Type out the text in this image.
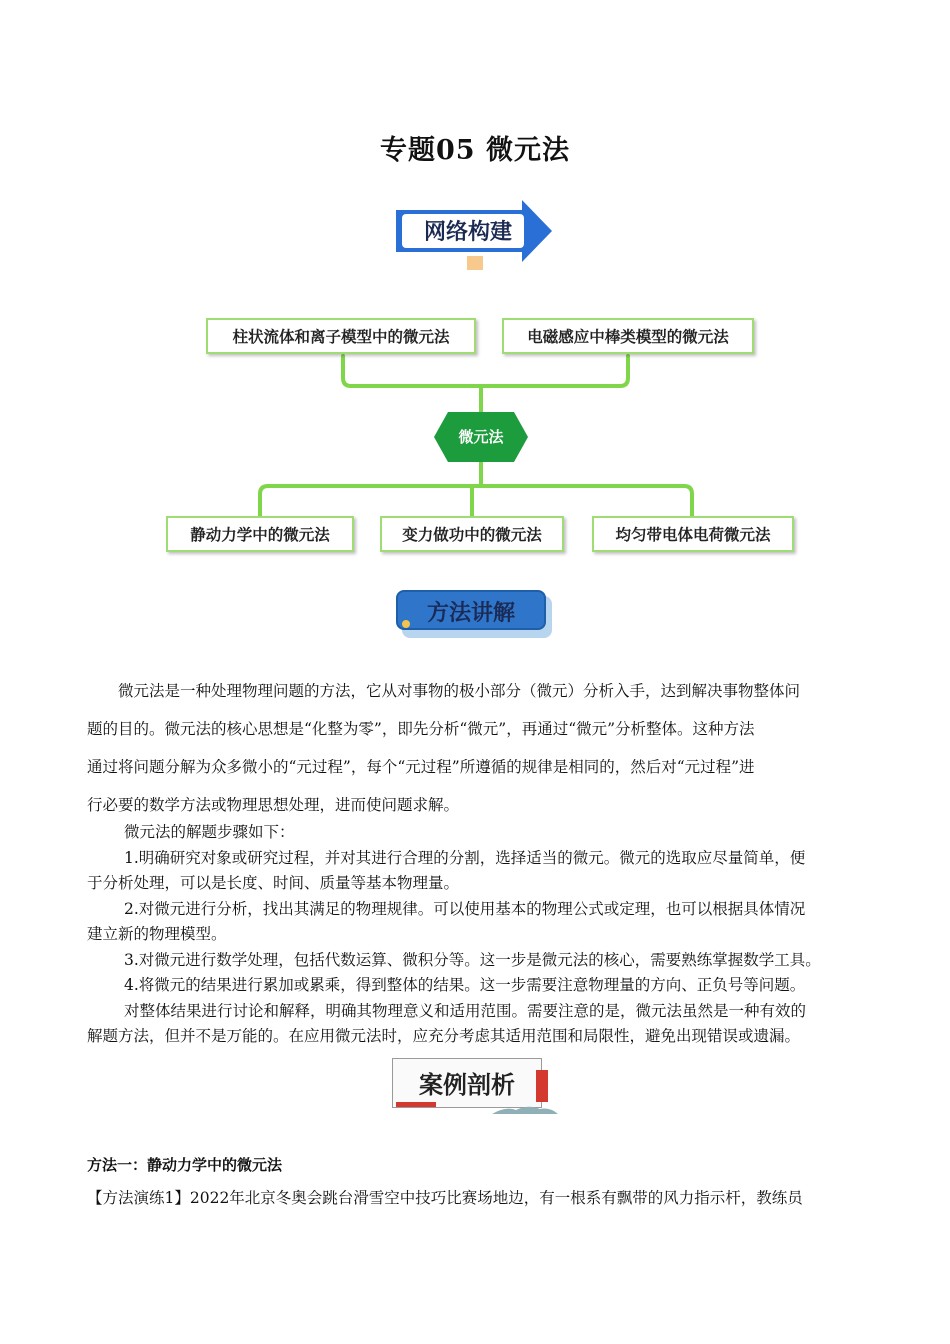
专题05 微元法
网络构建
柱状流体和离子模型中的微元法	电磁感应中棒类模型的微元法
微元法
静动力学中的微元法	变力做功中的微元法	均匀带电体电荷微元法
方法讲解
微元法是一种处理物理问题的方法，它从对事物的极小部分（微元）分析入手，达到解决事物整体问
题的目的。微元法的核心思想是“化整为零”，即先分析“微元”，再通过“微元”分析整体。这种方法
通过将问题分解为众多微小的“元过程”，每个“元过程”所遵循的规律是相同的，然后对“元过程”进
行必要的数学方法或物理思想处理，进而使问题求解。
微元法的解题步骤如下：
1.明确研究对象或研究过程，并对其进行合理的分割，选择适当的微元。微元的选取应尽量简单，便
于分析处理，可以是长度、时间、质量等基本物理量。
2.对微元进行分析，找出其满足的物理规律。可以使用基本的物理公式或定理，也可以根据具体情况
建立新的物理模型。
3.对微元进行数学处理，包括代数运算、微积分等。这一步是微元法的核心，需要熟练掌握数学工具。
4.将微元的结果进行累加或累乘，得到整体的结果。这一步需要注意物理量的方向、正负号等问题。
对整体结果进行讨论和解释，明确其物理意义和适用范围。需要注意的是，微元法虽然是一种有效的
解题方法，但并不是万能的。在应用微元法时，应充分考虑其适用范围和局限性，避免出现错误或遗漏。
案例剖析
方法一：静动力学中的微元法
【方法演练1】2022年北京冬奥会跳台滑雪空中技巧比赛场地边，有一根系有飘带的风力指示杆，教练员
